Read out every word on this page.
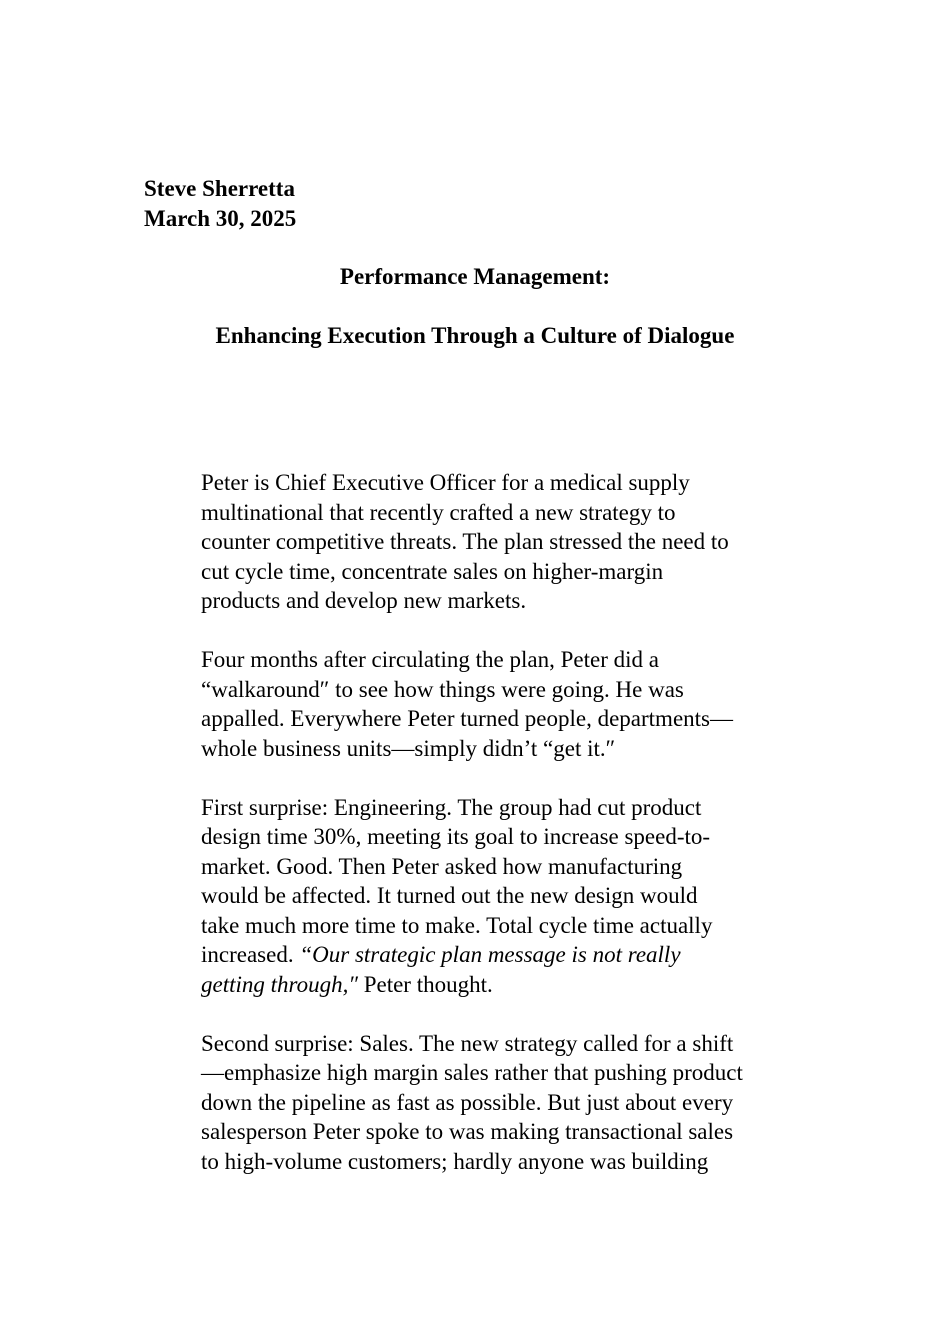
Steve Sherretta
March 30, 2025
Performance Management:
Enhancing Execution Through a Culture of Dialogue

Peter is Chief Executive Officer for a medical supply
multinational that recently crafted a new strategy to
counter competitive threats. The plan stressed the need to
cut cycle time, concentrate sales on higher-margin
products and develop new markets.

Four months after circulating the plan, Peter did a
“walkaround″ to see how things were going. He was
appalled. Everywhere Peter turned people, departments—
whole business units—simply didn’t “get it.″

First surprise: Engineering. The group had cut product
design time 30%, meeting its goal to increase speed-to-
market. Good. Then Peter asked how manufacturing
would be affected. It turned out the new design would
take much more time to make. Total cycle time actually
increased. “Our strategic plan message is not really
getting through,″ Peter thought.

Second surprise: Sales. The new strategy called for a shift
—emphasize high margin sales rather that pushing product
down the pipeline as fast as possible. But just about every
salesperson Peter spoke to was making transactional sales
to high-volume customers; hardly anyone was building
